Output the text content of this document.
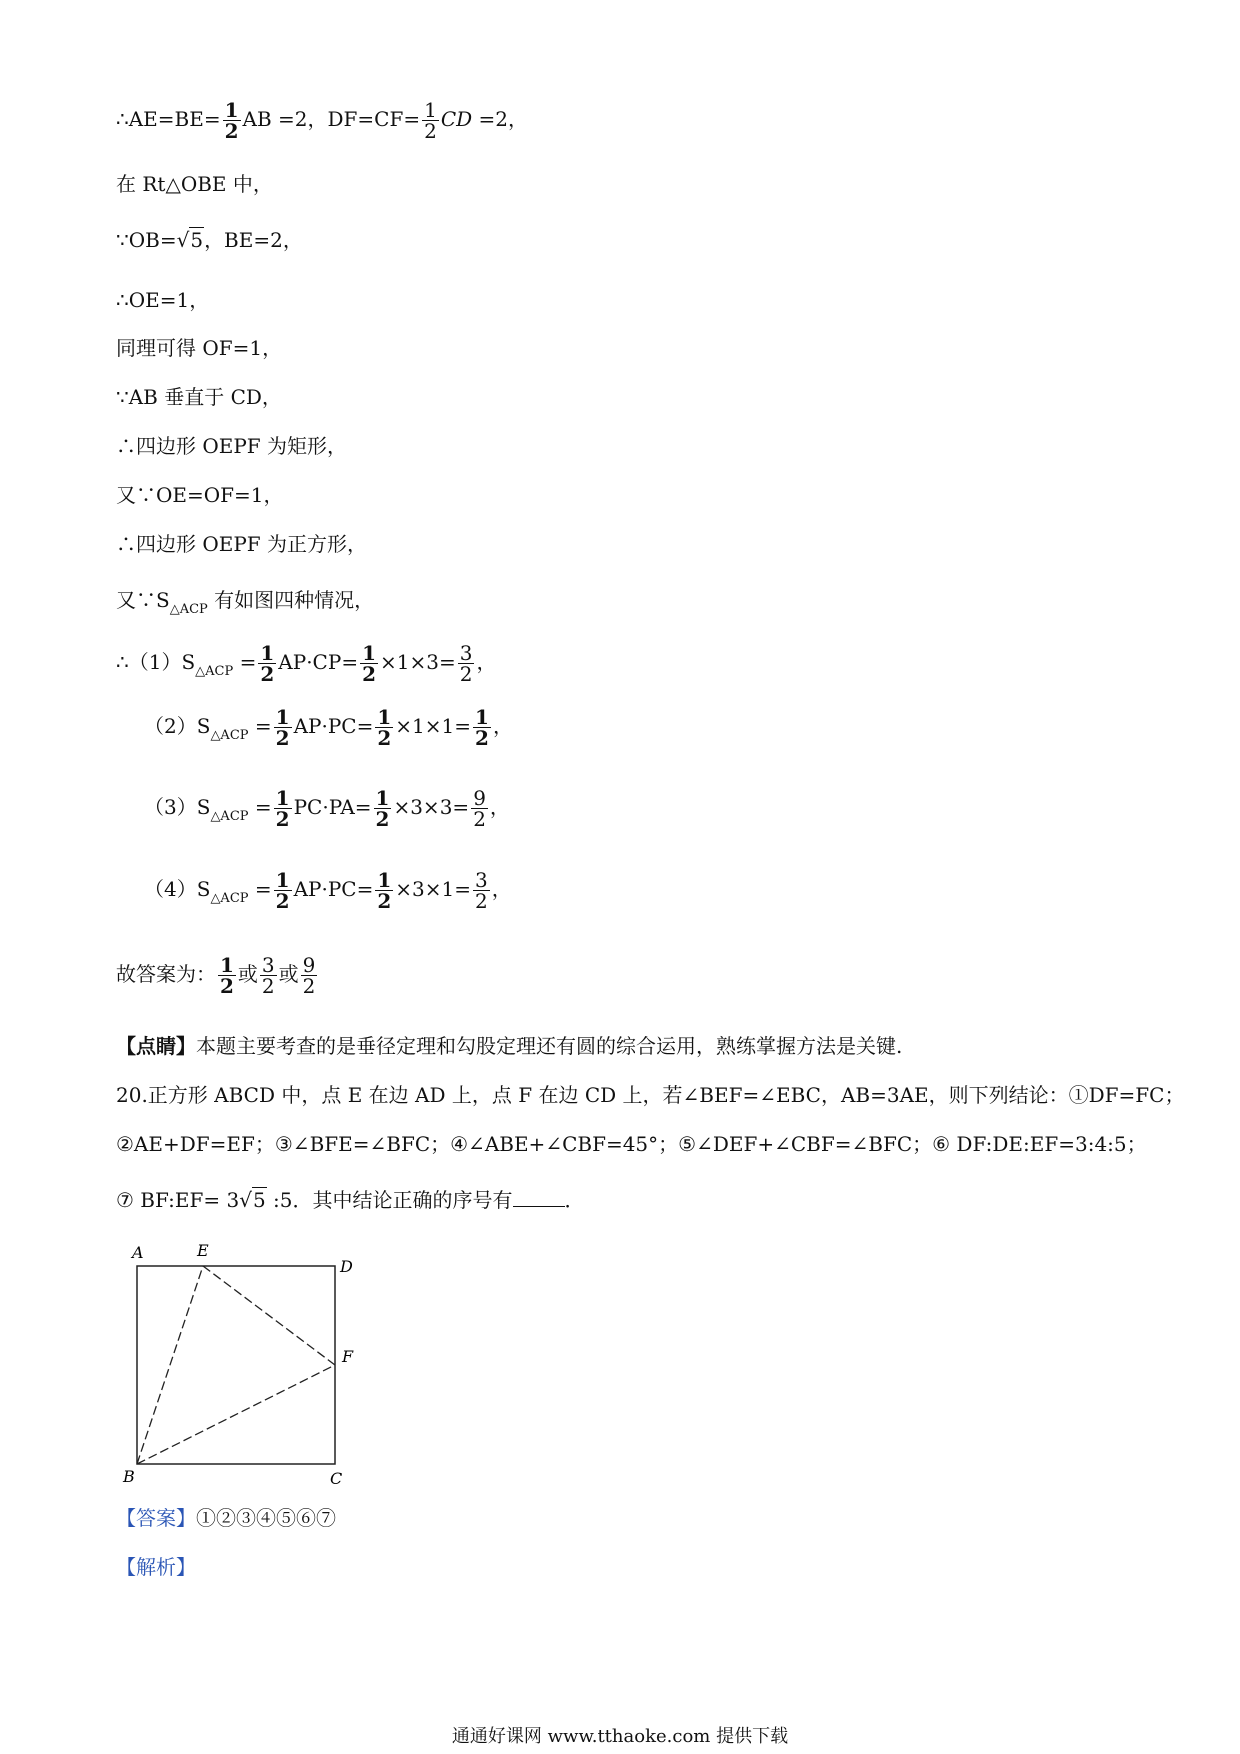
∴AE=BE= $\frac{1}{2}$ AB =2，$DF=CF= \frac{1}{2}$ CD =2，
在 Rt△OBE 中，
∵OB=√5，BE=2，
∴OE=1，
同理可得 OF=1，
∵AB 垂直于 CD，
∴四边形 OEPF 为矩形，
又∵OE=OF=1，
∴四边形 OEPF 为正方形，
又$\because S_{\triangle ACP}$ 有如图四种情况，
$\therefore(1)S_{\triangle ACP} = \frac{1}{2} AP\cdot CP= \frac{1}{2} \times 1\times 3= \frac{3}{2}$ ，
$(2)S_{\triangle ACP} = \frac{1}{2} AP\cdot PC= \frac{1}{2} \times 1\times 1= \frac{1}{2}$ ，
$(3)S_{\triangle ACP} = \frac{1}{2} PC\cdot PA= \frac{1}{2} \times 3\times 3= \frac{9}{2}$ ，
$(4)S_{\triangle ACP} = \frac{1}{2} AP\cdot PC= \frac{1}{2} \times 3\times 1= \frac{3}{2}$ ，
故答案为： $\frac{1}{2}$ 或 $\frac{3}{2}$ 或 $\frac{9}{2}$
【点睛】本题主要考查的是垂径定理和勾股定理还有圆的综合运用，熟练掌握方法是关键.
20.正方形 ABCD 中，点 E 在边 AD 上，点 F 在边 CD 上，若∠BEF=∠EBC，AB=3AE，则下列结论：①DF=FC；
②AE+DF=EF；③∠BFE=∠BFC；④∠ABE+∠CBF=45°；⑤∠DEF+∠CBF=∠BFC；⑥ DF:DE:EF=3:4:5；
⑦ BF:EF= 3√5 :5．其中结论正确的序号有	．
A	E
D
F
B	C
【答案】①②③④⑤⑥⑦
【解析】
通通好课网 www.tthaoke.com 提供下载
